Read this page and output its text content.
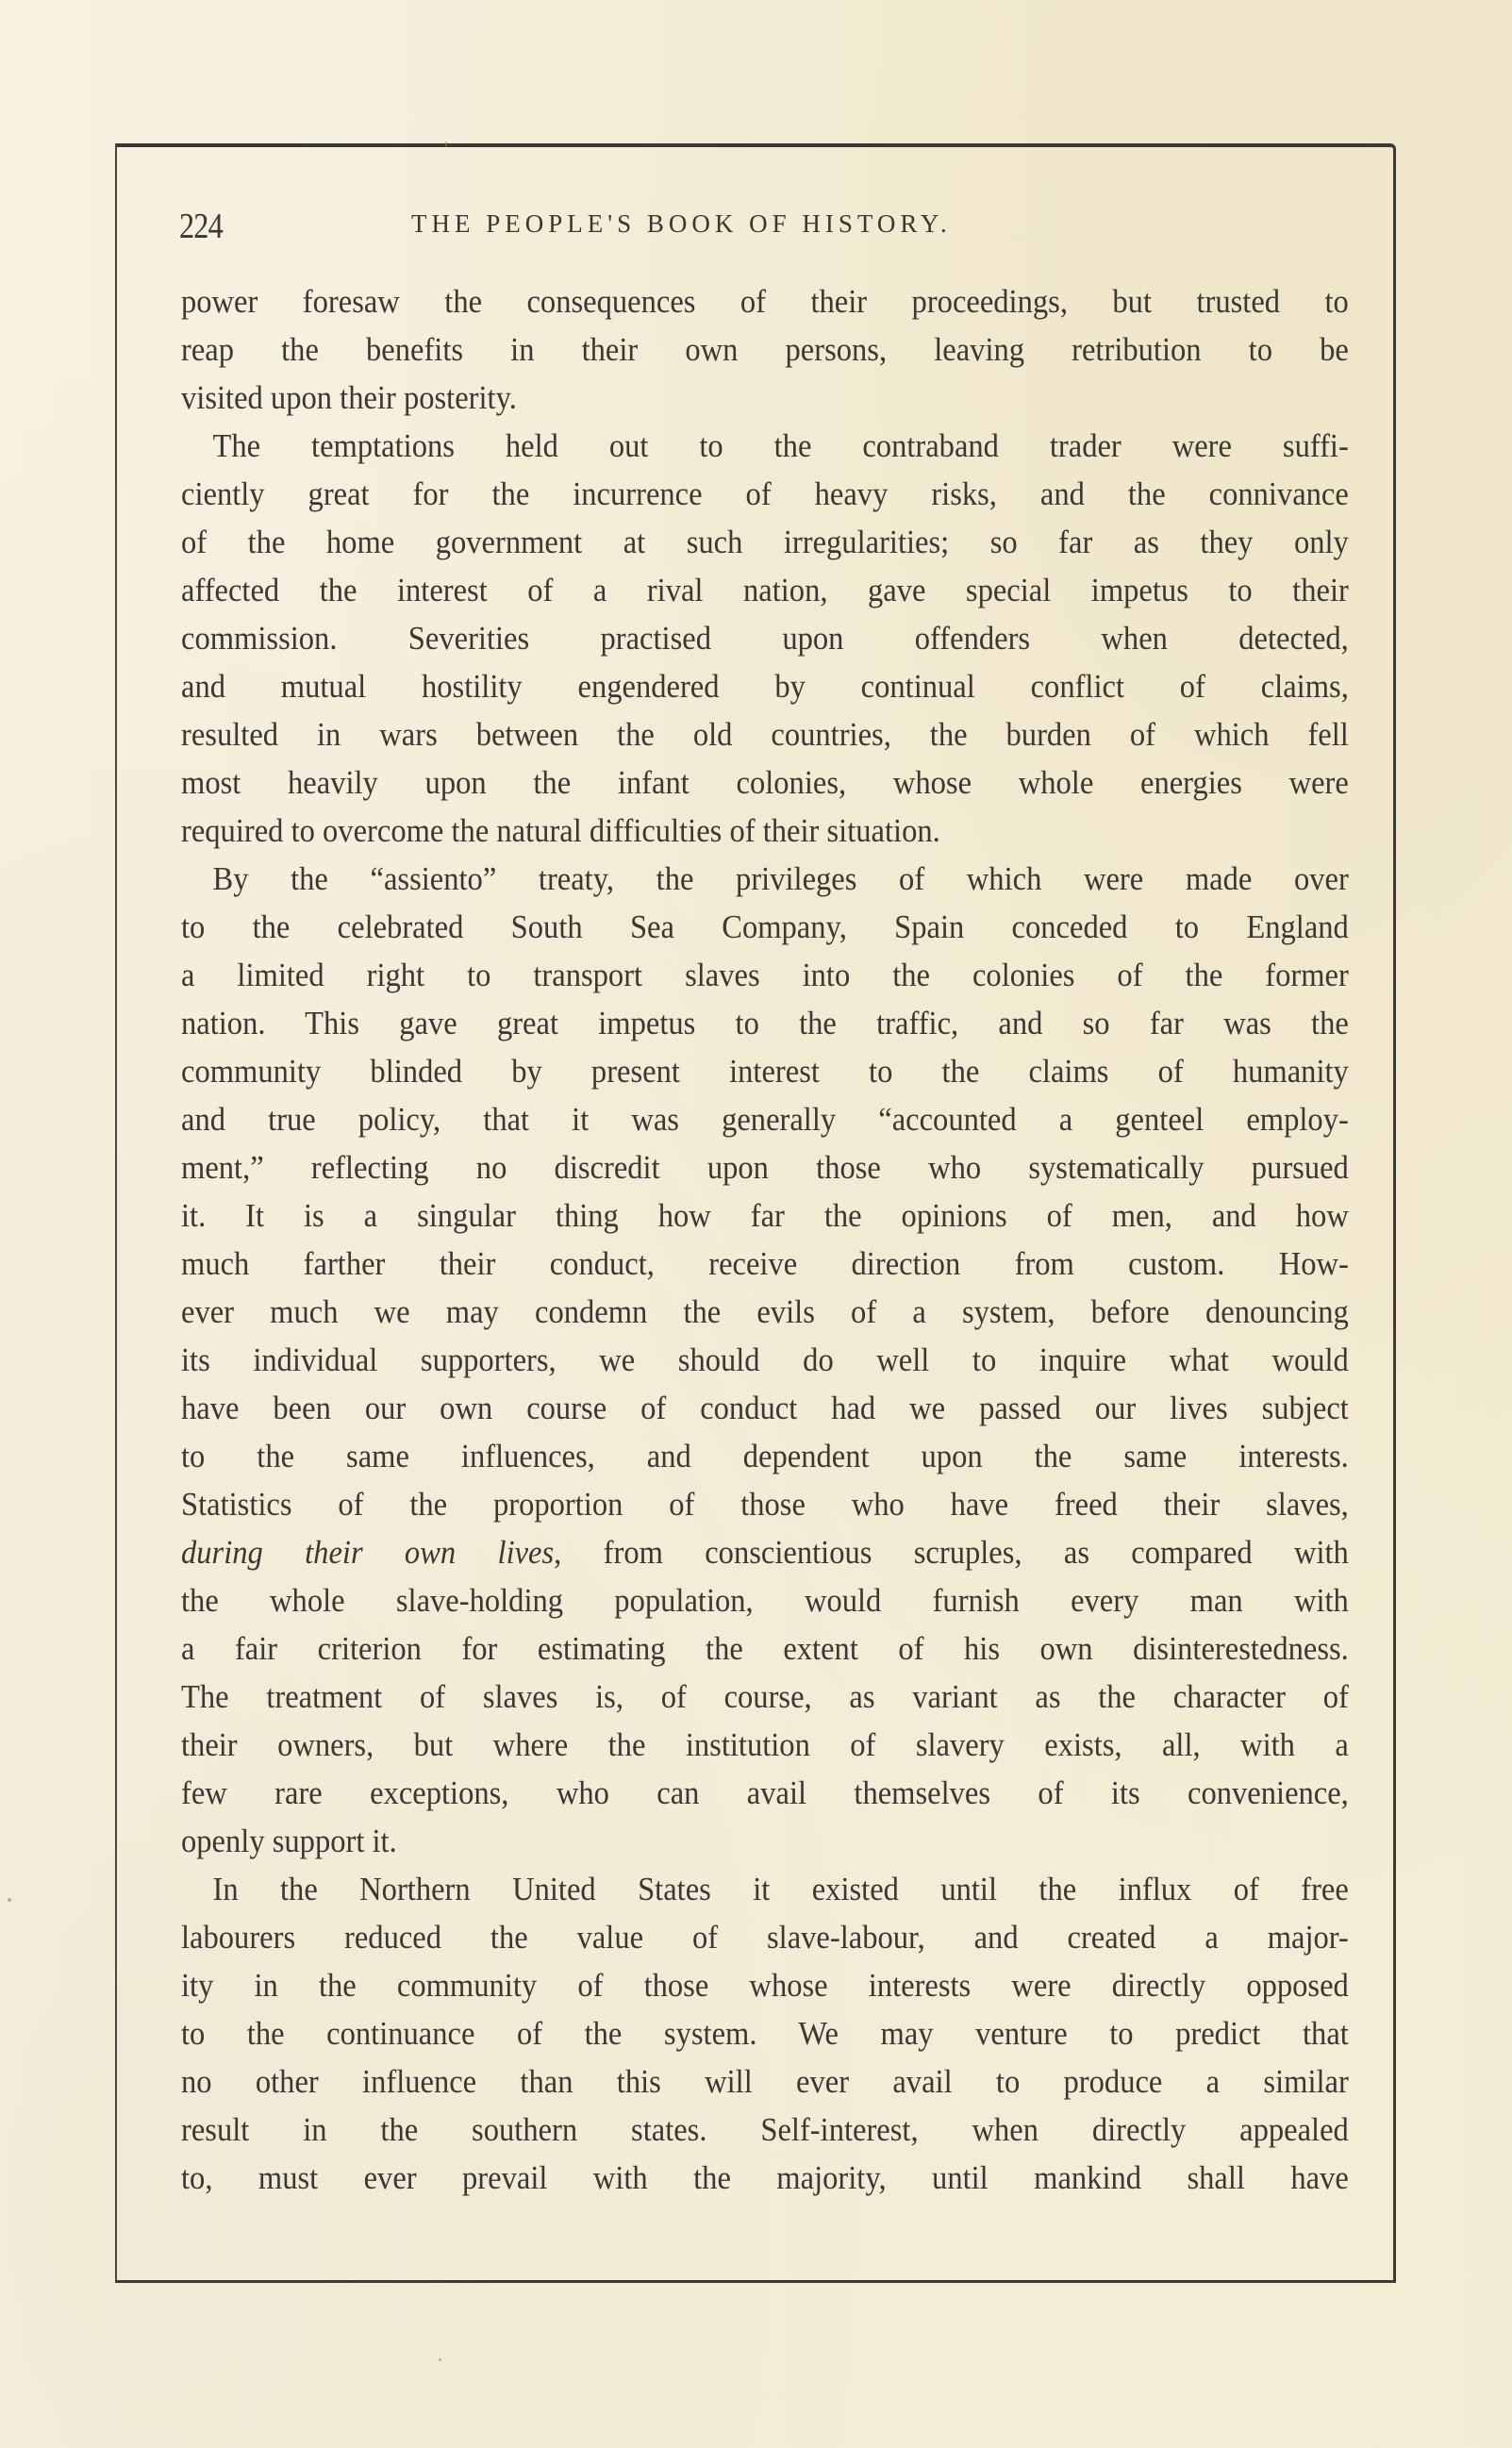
224	THE PEOPLE'S BOOK OF HISTORY.
power foresaw the consequences of their proceedings, but trusted to
reap the benefits in their own persons, leaving retribution to be
visited upon their posterity.
The temptations held out to the contraband trader were suffi-
ciently great for the incurrence of heavy risks, and the connivance
of the home government at such irregularities; so far as they only
affected the interest of a rival nation, gave special impetus to their
commission. Severities practised upon offenders when detected,
and mutual hostility engendered by continual conflict of claims,
resulted in wars between the old countries, the burden of which fell
most heavily upon the infant colonies, whose whole energies were
required to overcome the natural difficulties of their situation.
By the “assiento” treaty, the privileges of which were made over
to the celebrated South Sea Company, Spain conceded to England
a limited right to transport slaves into the colonies of the former
nation. This gave great impetus to the traffic, and so far was the
community blinded by present interest to the claims of humanity
and true policy, that it was generally “accounted a genteel employ-
ment,” reflecting no discredit upon those who systematically pursued
it. It is a singular thing how far the opinions of men, and how
much farther their conduct, receive direction from custom. How-
ever much we may condemn the evils of a system, before denouncing
its individual supporters, we should do well to inquire what would
have been our own course of conduct had we passed our lives subject
to the same influences, and dependent upon the same interests.
Statistics of the proportion of those who have freed their slaves,
during their own lives, from conscientious scruples, as compared with
the whole slave-holding population, would furnish every man with
a fair criterion for estimating the extent of his own disinterestedness.
The treatment of slaves is, of course, as variant as the character of
their owners, but where the institution of slavery exists, all, with a
few rare exceptions, who can avail themselves of its convenience,
openly support it.
In the Northern United States it existed until the influx of free
labourers reduced the value of slave-labour, and created a major-
ity in the community of those whose interests were directly opposed
to the continuance of the system. We may venture to predict that
no other influence than this will ever avail to produce a similar
result in the southern states. Self-interest, when directly appealed
to, must ever prevail with the majority, until mankind shall have
